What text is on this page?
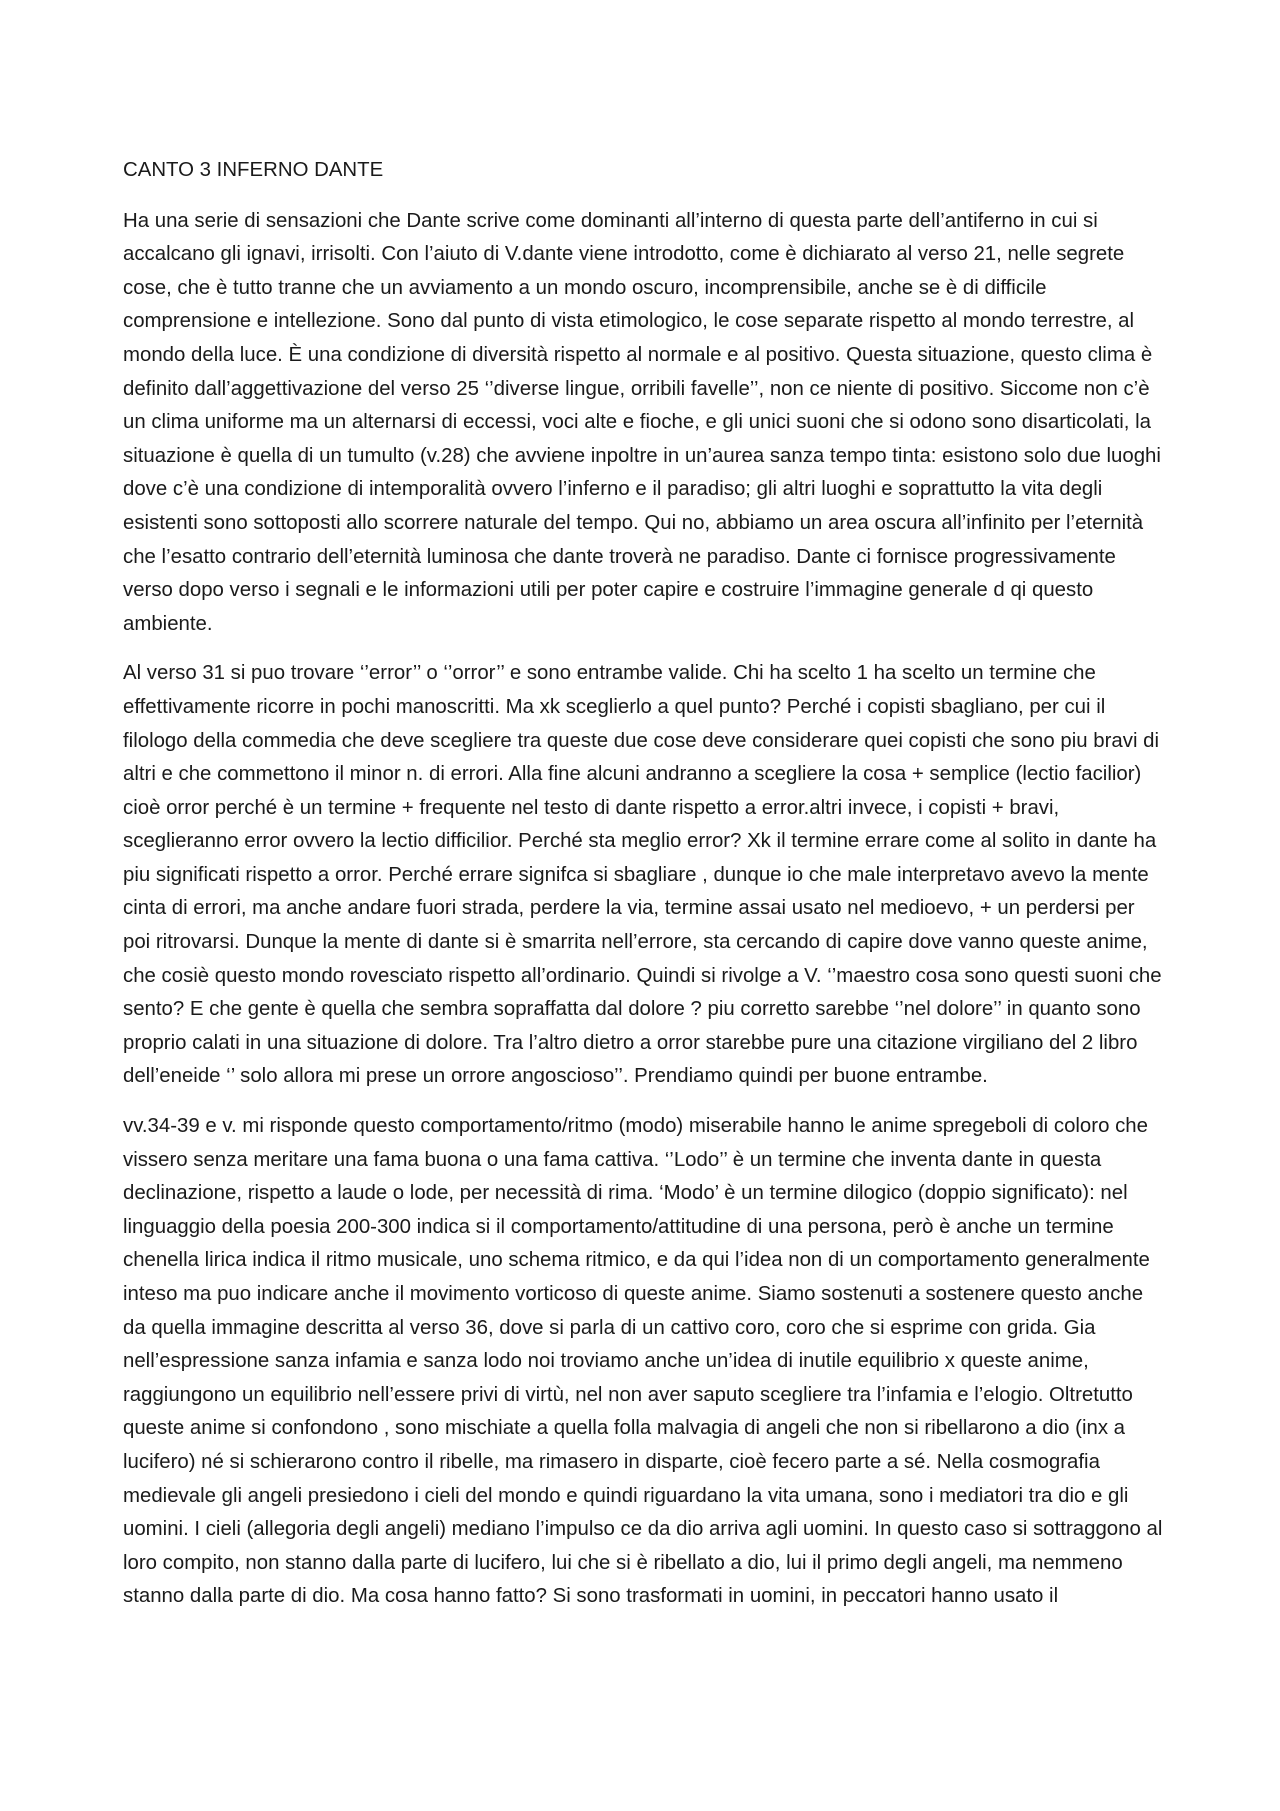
CANTO 3 INFERNO DANTE

Ha una serie di sensazioni che Dante scrive come dominanti all’interno di questa parte dell’antiferno in cui si accalcano gli ignavi, irrisolti. Con l’aiuto di V.dante viene introdotto, come è dichiarato al verso 21, nelle segrete cose, che è tutto tranne che un avviamento a un mondo oscuro, incomprensibile, anche se è di difficile comprensione e intellezione. Sono dal punto di vista etimologico, le cose separate rispetto al mondo terrestre, al mondo della luce. È una condizione di diversità rispetto al normale e al positivo. Questa situazione, questo clima è definito dall’aggettivazione del verso 25 ‘’diverse lingue, orribili favelle’’, non ce niente di positivo. Siccome non c’è un clima uniforme ma un alternarsi di eccessi, voci alte e fioche, e gli unici suoni che si odono sono disarticolati, la situazione è quella di un tumulto (v.28) che avviene inpoltre in un’aurea sanza tempo tinta: esistono solo due luoghi dove c’è una condizione di intemporalità ovvero l’inferno e il paradiso; gli altri luoghi e soprattutto la vita degli esistenti sono sottoposti allo scorrere naturale del tempo. Qui no, abbiamo un area oscura all’infinito per l’eternità che l’esatto contrario dell’eternità luminosa che dante troverà ne paradiso. Dante ci fornisce progressivamente verso dopo verso i segnali e le informazioni utili per poter capire e costruire l’immagine generale d qi questo ambiente.

Al verso 31 si puo trovare ‘’error’’ o ‘’orror’’ e sono entrambe valide. Chi ha scelto 1 ha scelto un termine che effettivamente ricorre in pochi manoscritti. Ma xk sceglierlo a quel punto? Perché i copisti sbagliano, per cui il filologo della commedia che deve scegliere tra queste due cose deve considerare quei copisti che sono piu bravi di altri e che commettono il minor n. di errori. Alla fine alcuni andranno a scegliere la cosa + semplice (lectio facilior) cioè orror perché è un termine + frequente nel testo di dante rispetto a error.altri invece, i copisti + bravi, sceglieranno error ovvero la lectio difficilior. Perché sta meglio error? Xk il termine errare come al solito in dante ha piu significati rispetto a orror. Perché errare signifca si sbagliare , dunque io che male interpretavo avevo la mente cinta di errori, ma anche andare fuori strada, perdere la via, termine assai usato nel medioevo, + un perdersi per poi ritrovarsi. Dunque la mente di dante si è smarrita nell’errore, sta cercando di capire dove vanno queste anime, che cosiè questo mondo rovesciato rispetto all’ordinario. Quindi si rivolge a V. ‘’maestro cosa sono questi suoni che sento? E che gente è quella che sembra sopraffatta dal dolore ? piu corretto sarebbe ‘’nel dolore’’ in quanto sono proprio calati in una situazione di dolore. Tra l’altro dietro a orror starebbe pure una citazione virgiliano del 2 libro dell’eneide ‘’ solo allora mi prese un orrore angoscioso’’. Prendiamo quindi per buone entrambe.

vv.34-39 e v. mi risponde questo comportamento/ritmo (modo) miserabile hanno le anime spregeboli di coloro che vissero senza meritare una fama buona o una fama cattiva. ‘’Lodo’’ è un termine che inventa dante in questa declinazione, rispetto a laude o lode, per necessità di rima. ‘Modo’ è un termine dilogico (doppio significato): nel linguaggio della poesia 200-300 indica si il comportamento/attitudine di una persona, però è anche un termine chenella lirica indica il ritmo musicale, uno schema ritmico, e da qui l’idea non di un comportamento generalmente inteso ma puo indicare anche il movimento vorticoso di queste anime. Siamo sostenuti a sostenere questo anche da quella immagine descritta al verso 36, dove si parla di un cattivo coro, coro che si esprime con grida. Gia nell’espressione sanza infamia e sanza lodo noi troviamo anche un’idea di inutile equilibrio x queste anime, raggiungono un equilibrio nell’essere privi di virtù, nel non aver saputo scegliere tra l’infamia e l’elogio. Oltretutto queste anime si confondono , sono mischiate a quella folla malvagia di angeli che non si ribellarono a dio (inx a lucifero) né si schierarono contro il ribelle, ma rimasero in disparte, cioè fecero parte a sé. Nella cosmografia medievale gli angeli presiedono i cieli del mondo e quindi riguardano la vita umana, sono i mediatori tra dio e gli uomini. I cieli (allegoria degli angeli) mediano l’impulso ce da dio arriva agli uomini. In questo caso si sottraggono al loro compito, non stanno dalla parte di lucifero, lui che si è ribellato a dio, lui il primo degli angeli, ma nemmeno stanno dalla parte di dio. Ma cosa hanno fatto? Si sono trasformati in uomini, in peccatori hanno usato il
